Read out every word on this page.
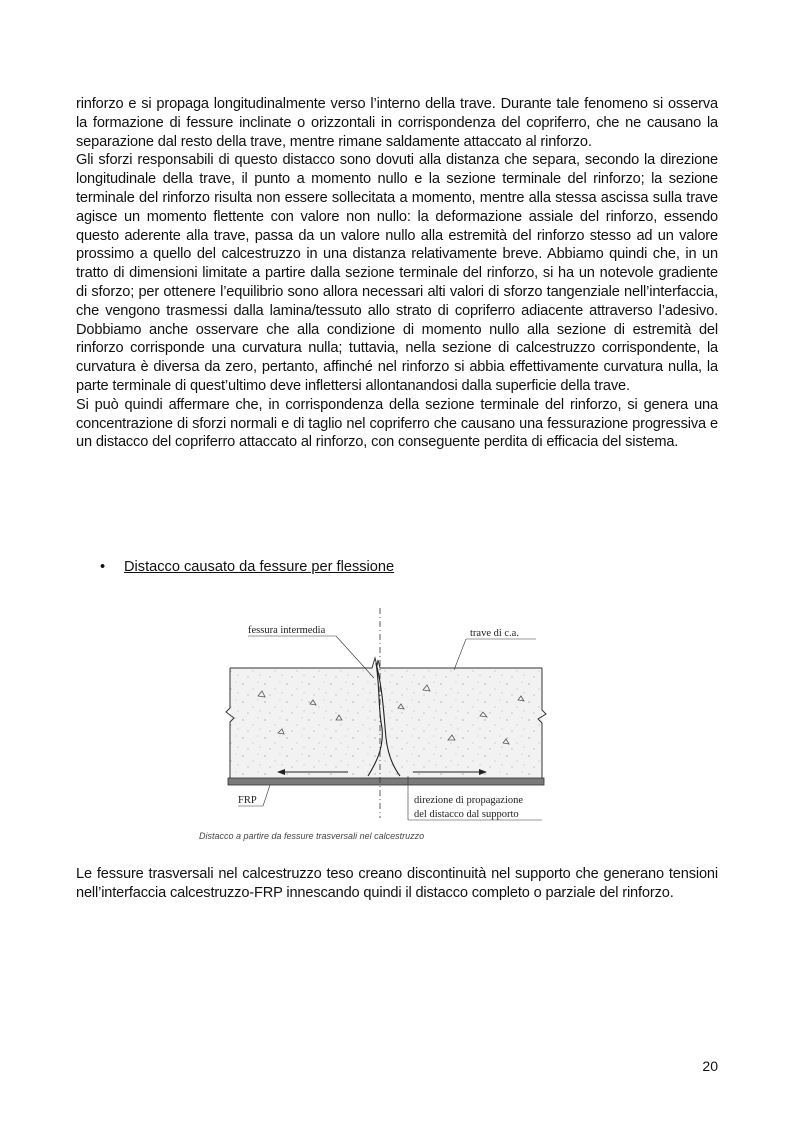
rinforzo e si propaga longitudinalmente verso l’interno della trave. Durante tale fenomeno si osserva la formazione di fessure inclinate o orizzontali in corrispondenza del copriferro, che ne causano la separazione dal resto della trave, mentre rimane saldamente attaccato al rinforzo.

Gli sforzi responsabili di questo distacco sono dovuti alla distanza che separa, secondo la direzione longitudinale della trave, il punto a momento nullo e la sezione terminale del rinforzo; la sezione terminale del rinforzo risulta non essere sollecitata a momento, mentre alla stessa ascissa sulla trave agisce un momento flettente con valore non nullo: la deformazione assiale del rinforzo, essendo questo aderente alla trave, passa da un valore nullo alla estremità del rinforzo stesso ad un valore prossimo a quello del calcestruzzo in una distanza relativamente breve. Abbiamo quindi che, in un tratto di dimensioni limitate a partire dalla sezione terminale del rinforzo, si ha un notevole gradiente di sforzo; per ottenere l’equilibrio sono allora necessari alti valori di sforzo tangenziale nell’interfaccia, che vengono trasmessi dalla lamina/tessuto allo strato di copriferro adiacente attraverso l’adesivo. Dobbiamo anche osservare che alla condizione di momento nullo alla sezione di estremità del rinforzo corrisponde una curvatura nulla; tuttavia, nella sezione di calcestruzzo corrispondente, la curvatura è diversa da zero, pertanto, affinché nel rinforzo si abbia effettivamente curvatura nulla, la parte terminale di quest’ultimo deve inflettersi allontanandosi dalla superficie della trave.

Si può quindi affermare che, in corrispondenza della sezione terminale del rinforzo, si genera una concentrazione di sforzi normali e di taglio nel copriferro che causano una fessurazione progressiva e un distacco del copriferro attaccato al rinforzo, con conseguente perdita di efficacia del sistema.

• Distacco causato da fessure per flessione
fessura intermedia	trave di c.a.
FRP	direzione di propagazione
del distacco dal supporto
Distacco a partire da fessure trasversali nel calcestruzzo
Le fessure trasversali nel calcestruzzo teso creano discontinuità nel supporto che generano tensioni nell’interfaccia calcestruzzo-FRP innescando quindi il distacco completo o parziale del rinforzo.
20
